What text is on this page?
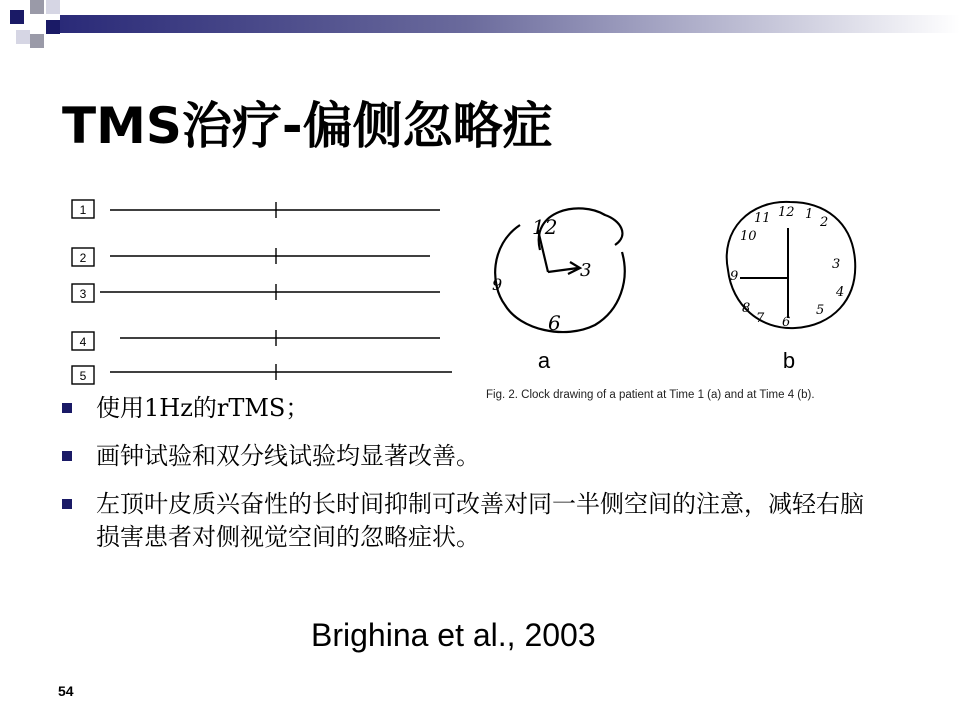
TMS治疗-偏侧忽略症
1
2
3
4
5
12
3
9
6
11 12 1
2
10
3
9
4
8
7 6
5
a	b
Fig. 2. Clock drawing of a patient at Time 1 (a) and at Time 4 (b).
使用1Hz的rTMS；
画钟试验和双分线试验均显著改善。
左顶叶皮质兴奋性的长时间抑制可改善对同一半侧空间的注意，减轻右脑损害患者对侧视觉空间的忽略症状。
Brighina et al., 2003
54
